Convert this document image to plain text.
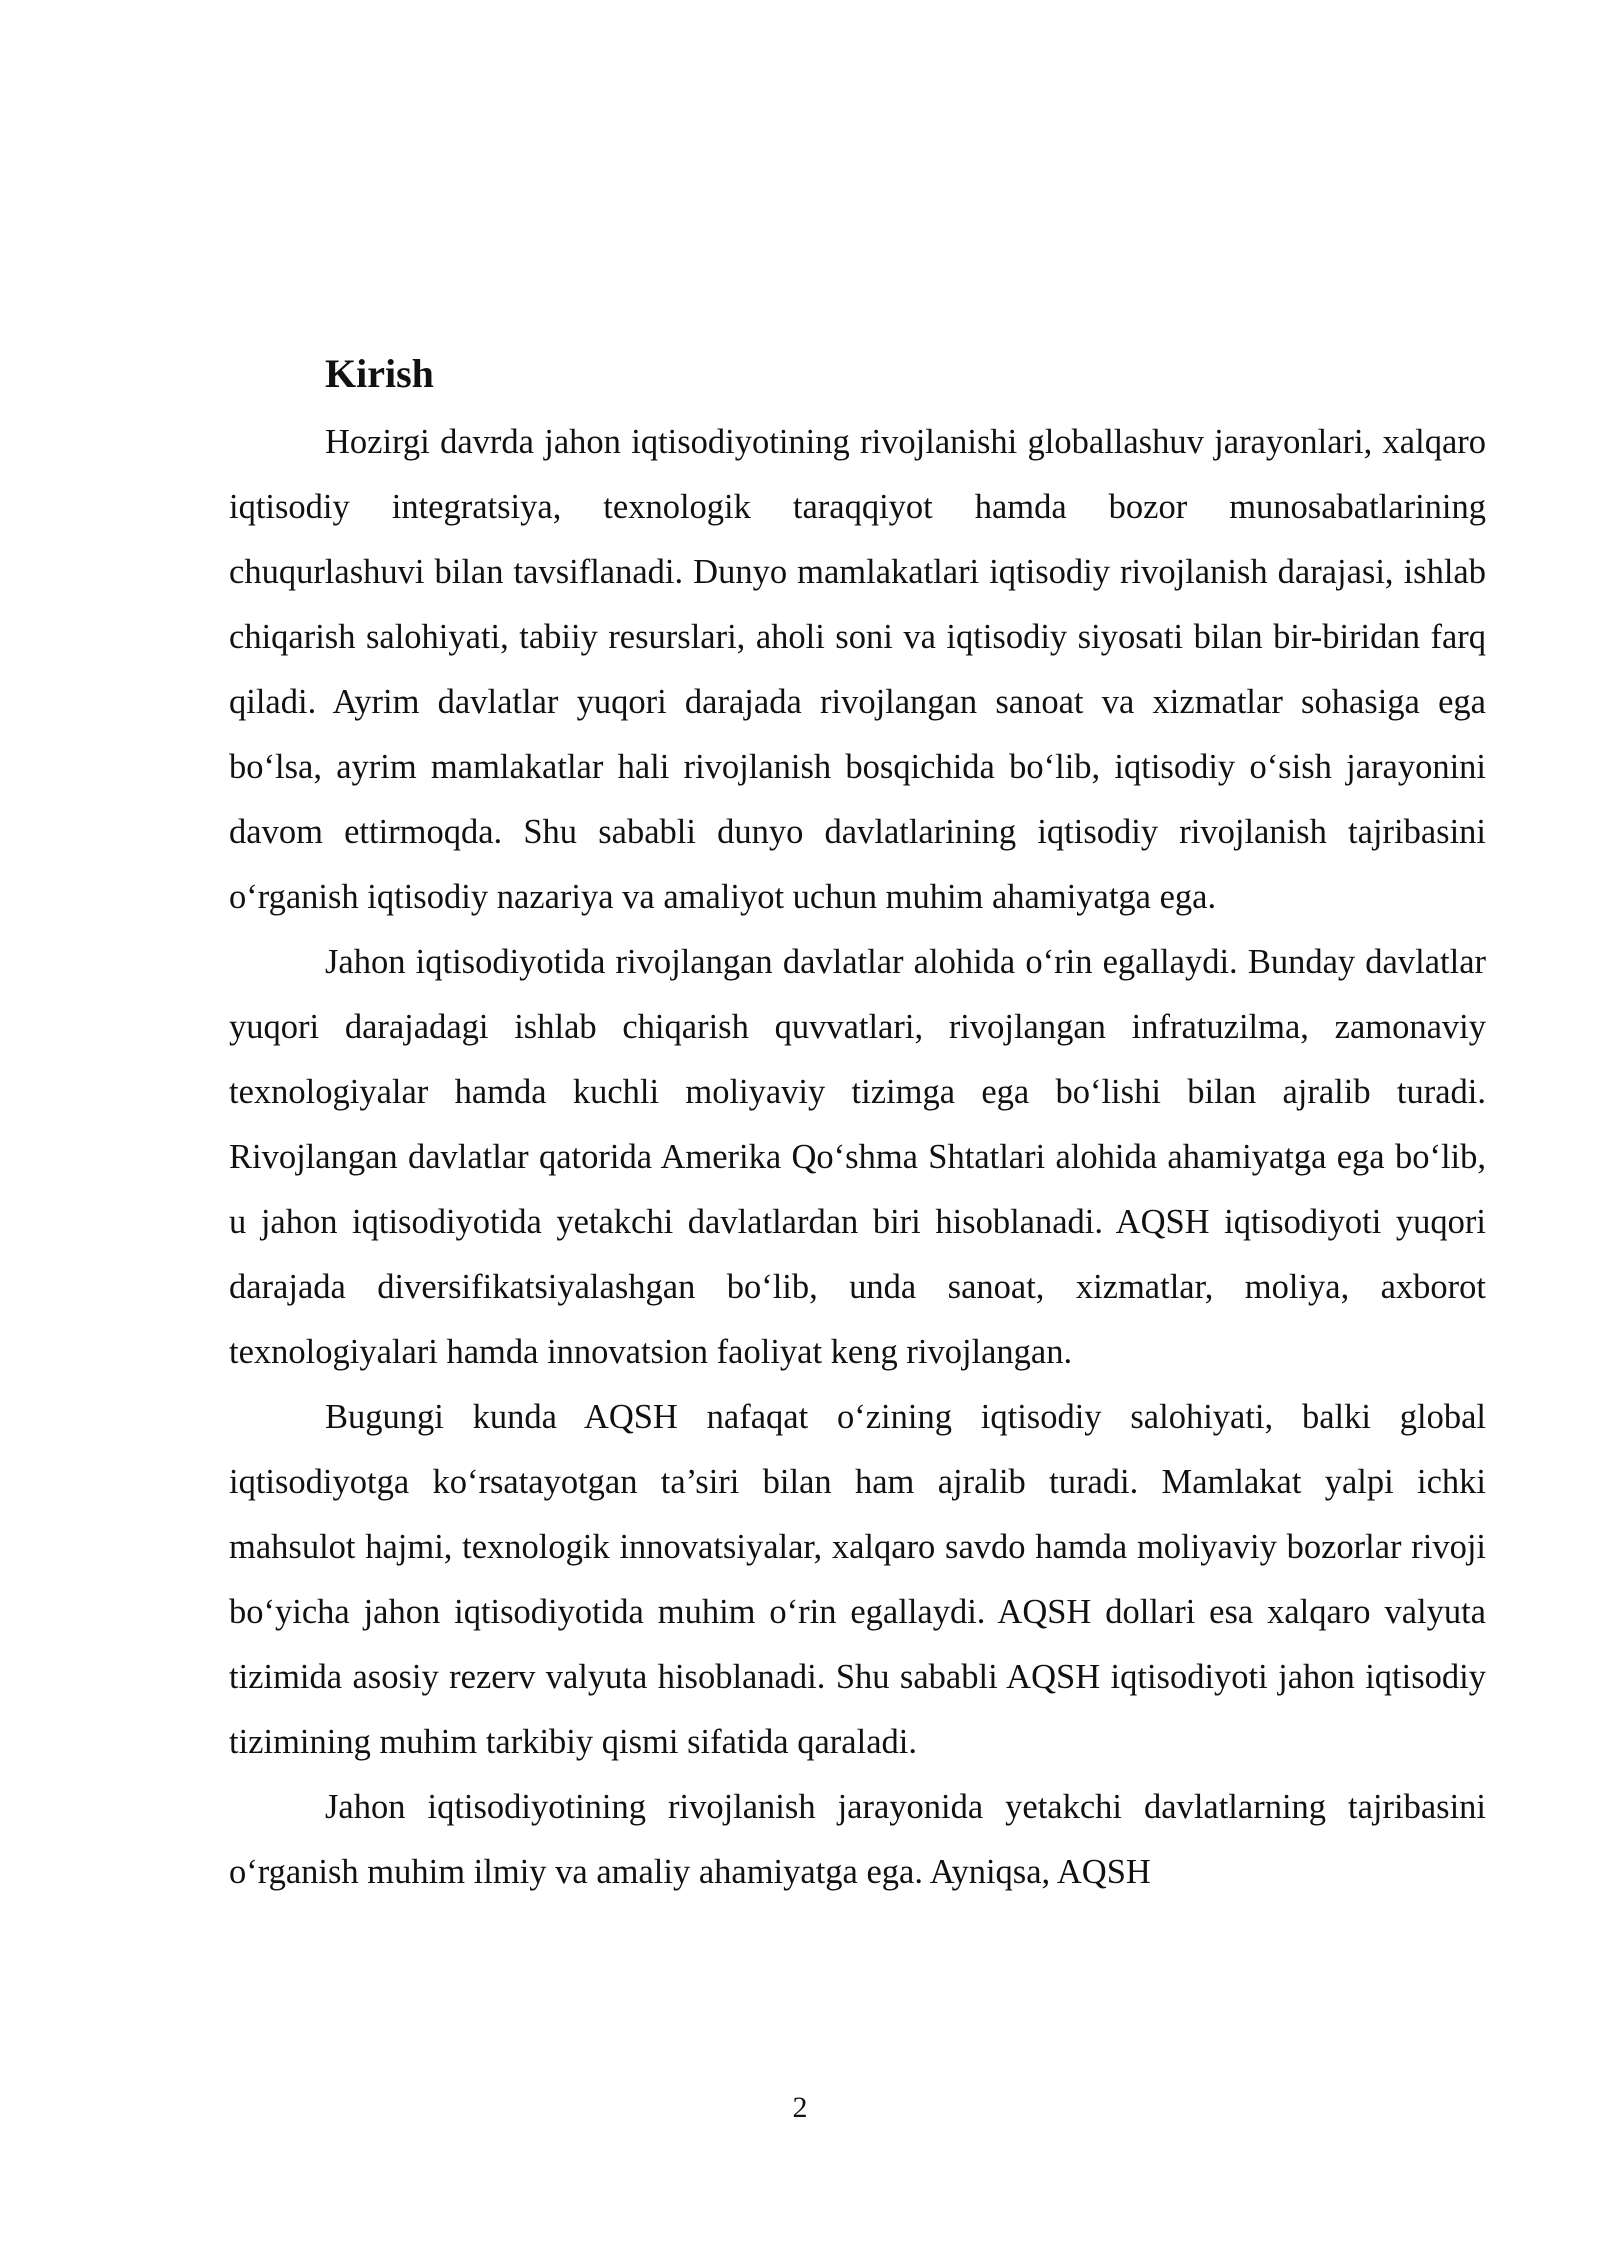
Kirish

Hozirgi davrda jahon iqtisodiyotining rivojlanishi globallashuv jarayonlari, xalqaro iqtisodiy integratsiya, texnologik taraqqiyot hamda bozor munosabatlarining chuqurlashuvi bilan tavsiflanadi. Dunyo mamlakatlari iqtisodiy rivojlanish darajasi, ishlab chiqarish salohiyati, tabiiy resurslari, aholi soni va iqtisodiy siyosati bilan bir-biridan farq qiladi. Ayrim davlatlar yuqori darajada rivojlangan sanoat va xizmatlar sohasiga ega bo‘lsa, ayrim mamlakatlar hali rivojlanish bosqichida bo‘lib, iqtisodiy o‘sish jarayonini davom ettirmoqda. Shu sababli dunyo davlatlarining iqtisodiy rivojlanish tajribasini o‘rganish iqtisodiy nazariya va amaliyot uchun muhim ahamiyatga ega.

Jahon iqtisodiyotida rivojlangan davlatlar alohida o‘rin egallaydi. Bunday davlatlar yuqori darajadagi ishlab chiqarish quvvatlari, rivojlangan infratuzilma, zamonaviy texnologiyalar hamda kuchli moliyaviy tizimga ega bo‘lishi bilan ajralib turadi. Rivojlangan davlatlar qatorida Amerika Qo‘shma Shtatlari alohida ahamiyatga ega bo‘lib, u jahon iqtisodiyotida yetakchi davlatlardan biri hisoblanadi. AQSH iqtisodiyoti yuqori darajada diversifikatsiyalashgan bo‘lib, unda sanoat, xizmatlar, moliya, axborot texnologiyalari hamda innovatsion faoliyat keng rivojlangan.

Bugungi kunda AQSH nafaqat o‘zining iqtisodiy salohiyati, balki global iqtisodiyotga ko‘rsatayotgan ta’siri bilan ham ajralib turadi. Mamlakat yalpi ichki mahsulot hajmi, texnologik innovatsiyalar, xalqaro savdo hamda moliyaviy bozorlar rivoji bo‘yicha jahon iqtisodiyotida muhim o‘rin egallaydi. AQSH dollari esa xalqaro valyuta tizimida asosiy rezerv valyuta hisoblanadi. Shu sababli AQSH iqtisodiyoti jahon iqtisodiy tizimining muhim tarkibiy qismi sifatida qaraladi.

Jahon iqtisodiyotining rivojlanish jarayonida yetakchi davlatlarning tajribasini o‘rganish muhim ilmiy va amaliy ahamiyatga ega. Ayniqsa, AQSH

2
